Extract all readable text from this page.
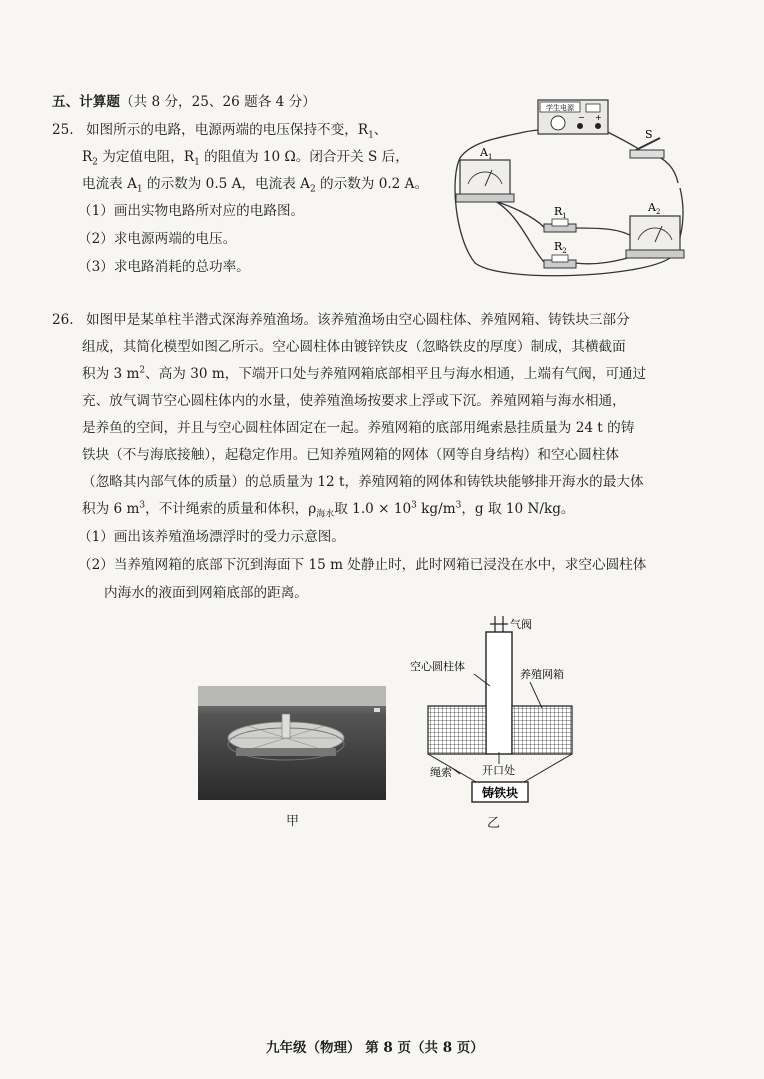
五、计算题（共 8 分，25、26 题各 4 分）
25. 如图所示的电路，电源两端的电压保持不变，$R_1$、
$R_2$ 为定值电阻，$R_1$ 的阻值为 10 Ω。闭合开关 S 后，
电流表 $A_1$ 的示数为 0.5 A，电流表 $A_2$ 的示数为 0.2 A。
（1）画出实物电路所对应的电路图。
（2）求电源两端的电压。
（3）求电路消耗的总功率。
学生电源
− +
S
$A_1$
$A_2$
$R_1$
$R_2$
26. 如图甲是某单柱半潜式深海养殖渔场。该养殖渔场由空心圆柱体、养殖网箱、铸铁块三部分
组成，其简化模型如图乙所示。空心圆柱体由镀锌铁皮（忽略铁皮的厚度）制成，其横截面
积为 3 $m^2$、高为 30 m，下端开口处与养殖网箱底部相平且与海水相通，上端有气阀，可通过
充、放气调节空心圆柱体内的水量，使养殖渔场按要求上浮或下沉。养殖网箱与海水相通，
是养鱼的空间，并且与空心圆柱体固定在一起。养殖网箱的底部用绳索悬挂质量为 24 t 的铸
铁块（不与海底接触），起稳定作用。已知养殖网箱的网体（网等自身结构）和空心圆柱体
（忽略其内部气体的质量）的总质量为 12 t，养殖网箱的网体和铸铁块能够排开海水的最大体
积为 6 $m^3$，不计绳索的质量和体积，$\rho_{海水}$取 $1.0 \times 10^3$ $kg/m^3$，g 取 10 N/kg。
（1）画出该养殖渔场漂浮时的受力示意图。
（2）当养殖网箱的底部下沉到海面下 15 m 处静止时，此时网箱已浸没在水中，求空心圆柱体
内海水的液面到网箱底部的距离。
甲
铸铁块
气阀
空心圆柱体
养殖网箱
开口处
绳索
乙
九年级（物理） 第 8 页（共 8 页）
